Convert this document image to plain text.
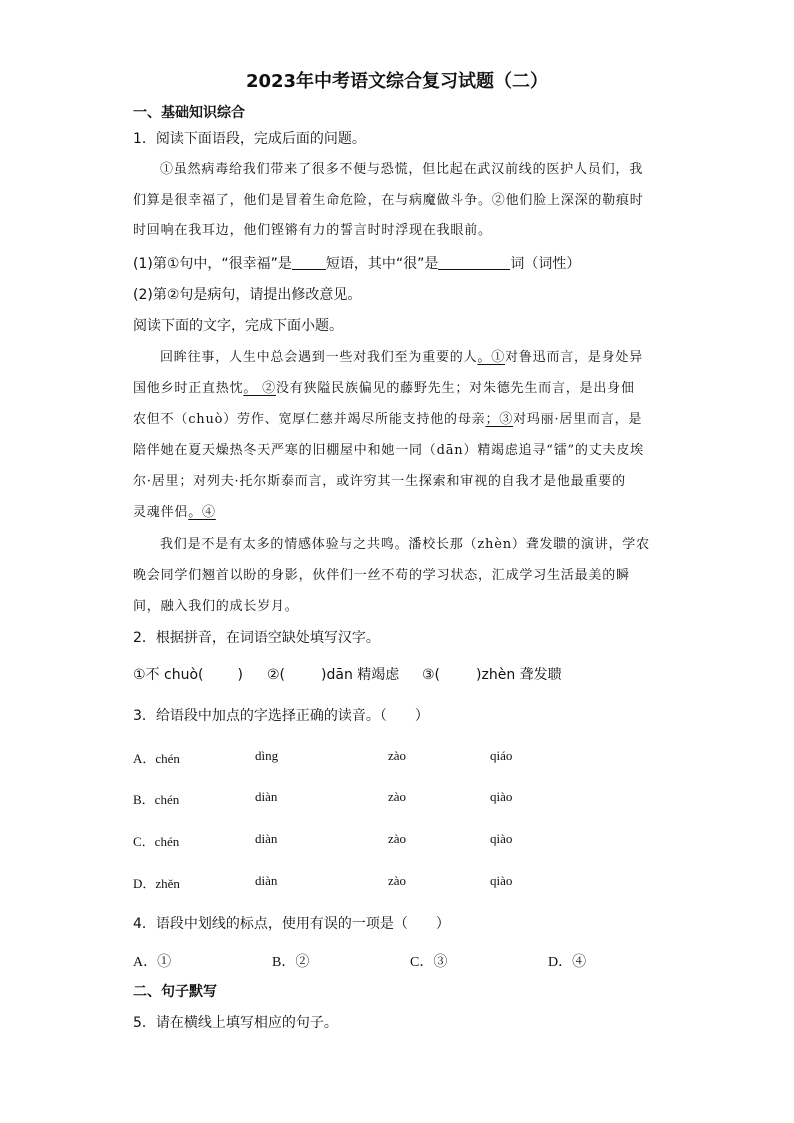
2023年中考语文综合复习试题（二）
一、基础知识综合
1．阅读下面语段，完成后面的问题。
①虽然病毒给我们带来了很多不便与恐慌，但比起在武汉前线的医护人员们，我
们算是很幸福了，他们是冒着生命危险，在与病魔做斗争。②他们脸上深深的勒痕时
时回响在我耳边，他们铿锵有力的誓言时时浮现在我眼前。
(1)第①句中，“很幸福”是 短语，其中“很”是	词（词性）
(2)第②句是病句，请提出修改意见。
阅读下面的文字，完成下面小题。
回眸往事，人生中总会遇到一些对我们至为重要的人。①对鲁迅而言，是身处异
国他乡时正直热忱。 ②没有狭隘民族偏见的藤野先生；对朱德先生而言，是出身佃
农但不（chuò）劳作、宽厚仁慈并竭尽所能支持他的母亲；③对玛丽·居里而言，是
陪伴她在夏天燥热冬天严寒的旧棚屋中和她一同（dān）精竭虑追寻“镭”的丈夫皮埃
尔·居里；对列夫·托尔斯泰而言，或许穷其一生探索和审视的自我才是他最重要的
灵魂伴侣。④
我们是不是有太多的情感体验与之共鸣。潘校长那（zhèn）聋发聩的演讲，学农
晚会同学们翘首以盼的身影，伙伴们一丝不苟的学习状态，汇成学习生活最美的瞬
间，融入我们的成长岁月。
2．根据拼音，在词语空缺处填写汉字。
①不 chuò( ) ②(	)dān 精竭虑 ③(	)zhèn 聋发聩
3．给语段中加点的字选择正确的读音。（　　）
A．chén	dìng	zào	qiáo
B．chén	diàn	zào	qiào
C．chén	diàn	zào	qiào
D．zhěn	diàn	zào	qiào
4．语段中划线的标点，使用有误的一项是（　　）
A．①	B．②	C．③	D．④
二、句子默写
5．请在横线上填写相应的句子。
